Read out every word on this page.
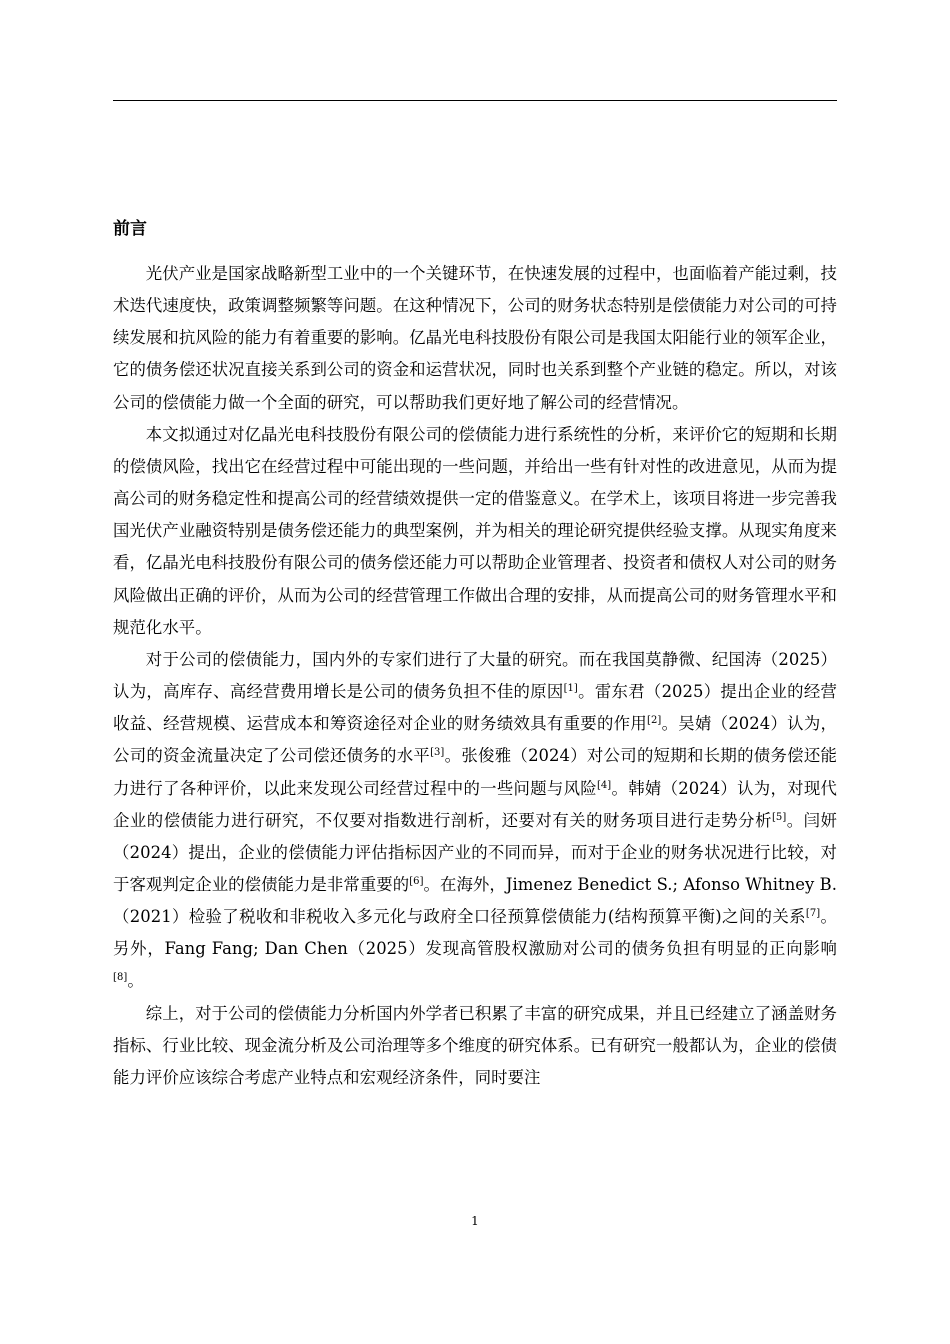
前言

光伏产业是国家战略新型工业中的一个关键环节，在快速发展的过程中，也面临着产能过剩，技术迭代速度快，政策调整频繁等问题。在这种情况下，公司的财务状态特别是偿债能力对公司的可持续发展和抗风险的能力有着重要的影响。亿晶光电科技股份有限公司是我国太阳能行业的领军企业，它的债务偿还状况直接关系到公司的资金和运营状况，同时也关系到整个产业链的稳定。所以，对该公司的偿债能力做一个全面的研究，可以帮助我们更好地了解公司的经营情况。

本文拟通过对亿晶光电科技股份有限公司的偿债能力进行系统性的分析，来评价它的短期和长期的偿债风险，找出它在经营过程中可能出现的一些问题，并给出一些有针对性的改进意见，从而为提高公司的财务稳定性和提高公司的经营绩效提供一定的借鉴意义。在学术上，该项目将进一步完善我国光伏产业融资特别是债务偿还能力的典型案例，并为相关的理论研究提供经验支撑。从现实角度来看，亿晶光电科技股份有限公司的债务偿还能力可以帮助企业管理者、投资者和债权人对公司的财务风险做出正确的评价，从而为公司的经营管理工作做出合理的安排，从而提高公司的财务管理水平和规范化水平。

对于公司的偿债能力，国内外的专家们进行了大量的研究。而在我国莫静微、纪国涛（2025）认为，高库存、高经营费用增长是公司的债务负担不佳的原因[1]。雷东君（2025）提出企业的经营收益、经营规模、运营成本和筹资途径对企业的财务绩效具有重要的作用[2]。吴婧（2024）认为，公司的资金流量决定了公司偿还债务的水平[3]。张俊雅（2024）对公司的短期和长期的债务偿还能力进行了各种评价，以此来发现公司经营过程中的一些问题与风险[4]。韩婧（2024）认为，对现代企业的偿债能力进行研究，不仅要对指数进行剖析，还要对有关的财务项目进行走势分析[5]。闫妍（2024）提出，企业的偿债能力评估指标因产业的不同而异，而对于企业的财务状况进行比较，对于客观判定企业的偿债能力是非常重要的[6]。在海外，Jimenez Benedict S.; Afonso Whitney B.（2021）检验了税收和非税收入多元化与政府全口径预算偿债能力(结构预算平衡)之间的关系[7]。另外，Fang Fang; Dan Chen（2025）发现高管股权激励对公司的债务负担有明显的正向影响[8]。

综上，对于公司的偿债能力分析国内外学者已积累了丰富的研究成果，并且已经建立了涵盖财务指标、行业比较、现金流分析及公司治理等多个维度的研究体系。已有研究一般都认为，企业的偿债能力评价应该综合考虑产业特点和宏观经济条件，同时要注

1
